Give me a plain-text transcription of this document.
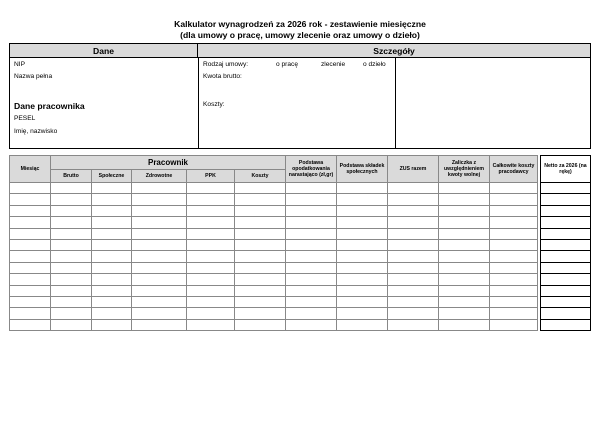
Kalkulator wynagrodzeń za 2026 rok - zestawienie miesięczne
(dla umowy o pracę, umowy zlecenie oraz umowy o dzieło)
Dane	Szczegóły
NIP
Nazwa pełna
Dane pracownika
PESEL
Imię, nazwisko
Rodzaj umowy:	o pracę	zlecenie	o dzieło
Kwota brutto:
Koszty:
Miesiąc	Pracownik					Podstawa opodatkowania narastająco (zł,gr)	Podstawa składek społecznych	ZUS razem	Zaliczka z uwzględnieniem kwoty wolnej	Całkowite koszty pracodawcy
	Brutto	Społeczne	Zdrowotne	PPK	Koszty					

Netto za 2026 (na rękę)
